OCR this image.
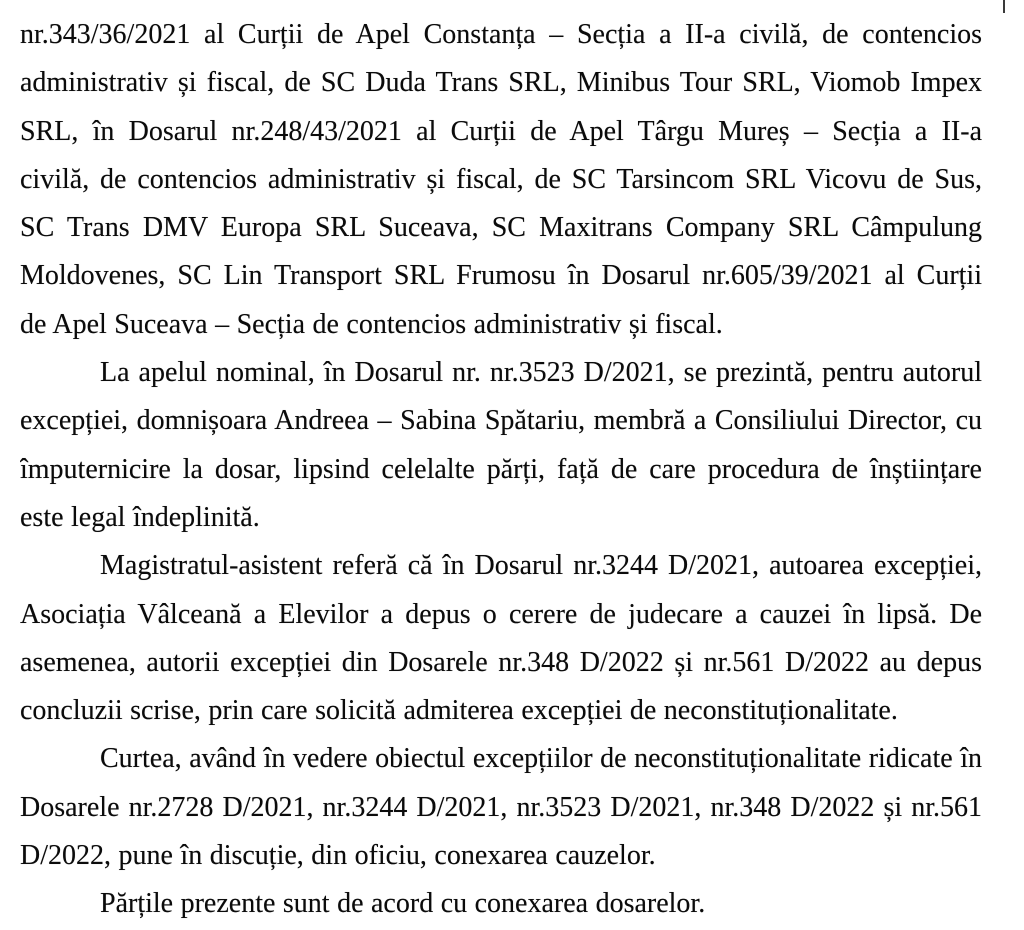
nr.343/36/2021 al Curții de Apel Constanța – Secția a II-a civilă, de contencios
administrativ și fiscal, de SC Duda Trans SRL, Minibus Tour SRL, Viomob Impex
SRL, în Dosarul nr.248/43/2021 al Curții de Apel Târgu Mureș – Secția a II-a
civilă, de contencios administrativ și fiscal, de SC Tarsincom SRL Vicovu de Sus,
SC Trans DMV Europa SRL Suceava, SC Maxitrans Company SRL Câmpulung
Moldovenes, SC Lin Transport SRL Frumosu în Dosarul nr.605/39/2021 al Curții
de Apel Suceava – Secția de contencios administrativ și fiscal.

La apelul nominal, în Dosarul nr. nr.3523 D/2021, se prezintă, pentru autorul
excepției, domnișoara Andreea – Sabina Spătariu, membră a Consiliului Director, cu
împuternicire la dosar, lipsind celelalte părți, față de care procedura de înștiințare
este legal îndeplinită.

Magistratul-asistent referă că în Dosarul nr.3244 D/2021, autoarea excepției,
Asociația Vâlceană a Elevilor a depus o cerere de judecare a cauzei în lipsă. De
asemenea, autorii excepției din Dosarele nr.348 D/2022 și nr.561 D/2022 au depus
concluzii scrise, prin care solicită admiterea excepției de neconstituționalitate.

Curtea, având în vedere obiectul excepțiilor de neconstituționalitate ridicate în
Dosarele nr.2728 D/2021, nr.3244 D/2021, nr.3523 D/2021, nr.348 D/2022 și nr.561
D/2022, pune în discuție, din oficiu, conexarea cauzelor.

Părțile prezente sunt de acord cu conexarea dosarelor.
